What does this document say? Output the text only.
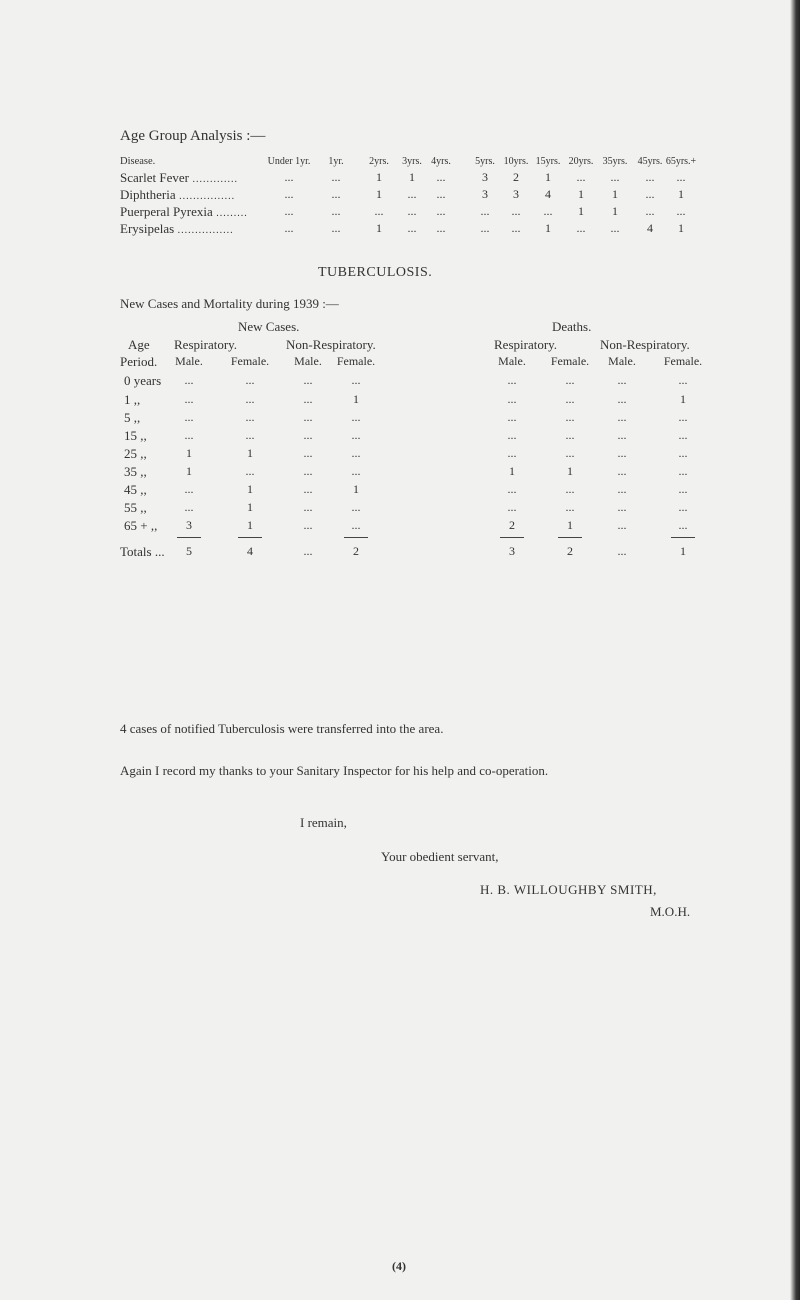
Age Group Analysis :—
Disease.	Under 1yr. 1yr.	2yrs. 3yrs. 4yrs. 5yrs. 10yrs. 15yrs. 20yrs. 35yrs. 45yrs. 65yrs.+
Scarlet Fever .............	...	...	1 1 ...	3 2 1 ... ... ... ...
Diphtheria ................	...	...	1 ... ...	3 3 4 1 1 ... 1
Puerperal Pyrexia .........	...	...	... ... ...	... ... ... 1 1 ... ...
Erysipelas ................	...	...	1 ... ...	... ... 1 ... ... 4 1
TUBERCULOSIS.
New Cases and Mortality during 1939 :—
New Cases.	Deaths.
Age Respiratory.	Non-Respiratory.	Respiratory.	Non-Respiratory.
Period. Male. Female. Male. Female.	Male. Female. Male. Female.
0 years ...	...	...	...	...	...	...	...
1 ,,	...	...	...	1	...	...	...	1
5 ,,	...	...	...	...	...	...	...	...
15 ,,	...	...	...	...	...	...	...	...
25 ,,	1	1	...	...	...	...	...	...
35 ,,	1	...	...	...	1	1	...	...
45 ,,	...	1	...	1	...	...	...	...
55 ,,	...	1	...	...	...	...	...	...
65 + ,, 3	1	...	...	2	1	...	...
Totals ... 5	4	...	2	3	2	...	1
4 cases of notified Tuberculosis were transferred into the area.
Again I record my thanks to your Sanitary Inspector for his help and co-operation.
I remain,
Your obedient servant,
H. B. WILLOUGHBY SMITH,
M.O.H.
(4)
